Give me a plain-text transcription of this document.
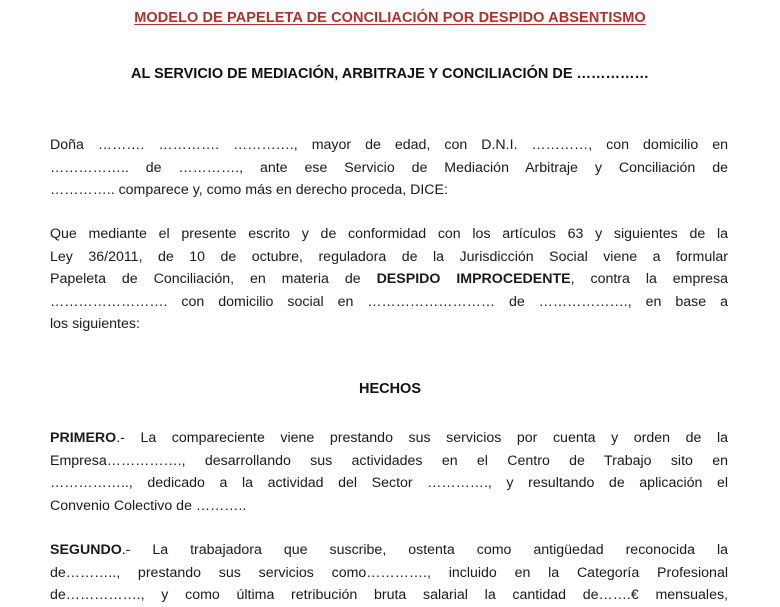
MODELO DE PAPELETA DE CONCILIACIÓN POR DESPIDO ABSENTISMO
AL SERVICIO DE MEDIACIÓN, ARBITRAJE Y CONCILIACIÓN DE ……………
Doña ………. …………. …………., mayor de edad, con D.N.I. …………, con domicilio en
…………….. de …………., ante ese Servicio de Mediación Arbitraje y Conciliación de
………….. comparece y, como más en derecho proceda, DICE:
Que mediante el presente escrito y de conformidad con los artículos 63 y siguientes de la
Ley 36/2011, de 10 de octubre, reguladora de la Jurisdicción Social viene a formular
Papeleta de Conciliación, en materia de DESPIDO IMPROCEDENTE, contra la empresa
……………………. con domicilio social en ……………………… de ………………., en base a
los siguientes:
HECHOS
PRIMERO.- La compareciente viene prestando sus servicios por cuenta y orden de la
Empresa……………., desarrollando sus actividades en el Centro de Trabajo sito en
…………….., dedicado a la actividad del Sector …………., y resultando de aplicación el
Convenio Colectivo de ………..
SEGUNDO.- La trabajadora que suscribe, ostenta como antigüedad reconocida la
de……….., prestando sus servicios como…………., incluido en la Categoría Profesional
de……………., y como última retribución bruta salarial la cantidad de…….€ mensuales,
